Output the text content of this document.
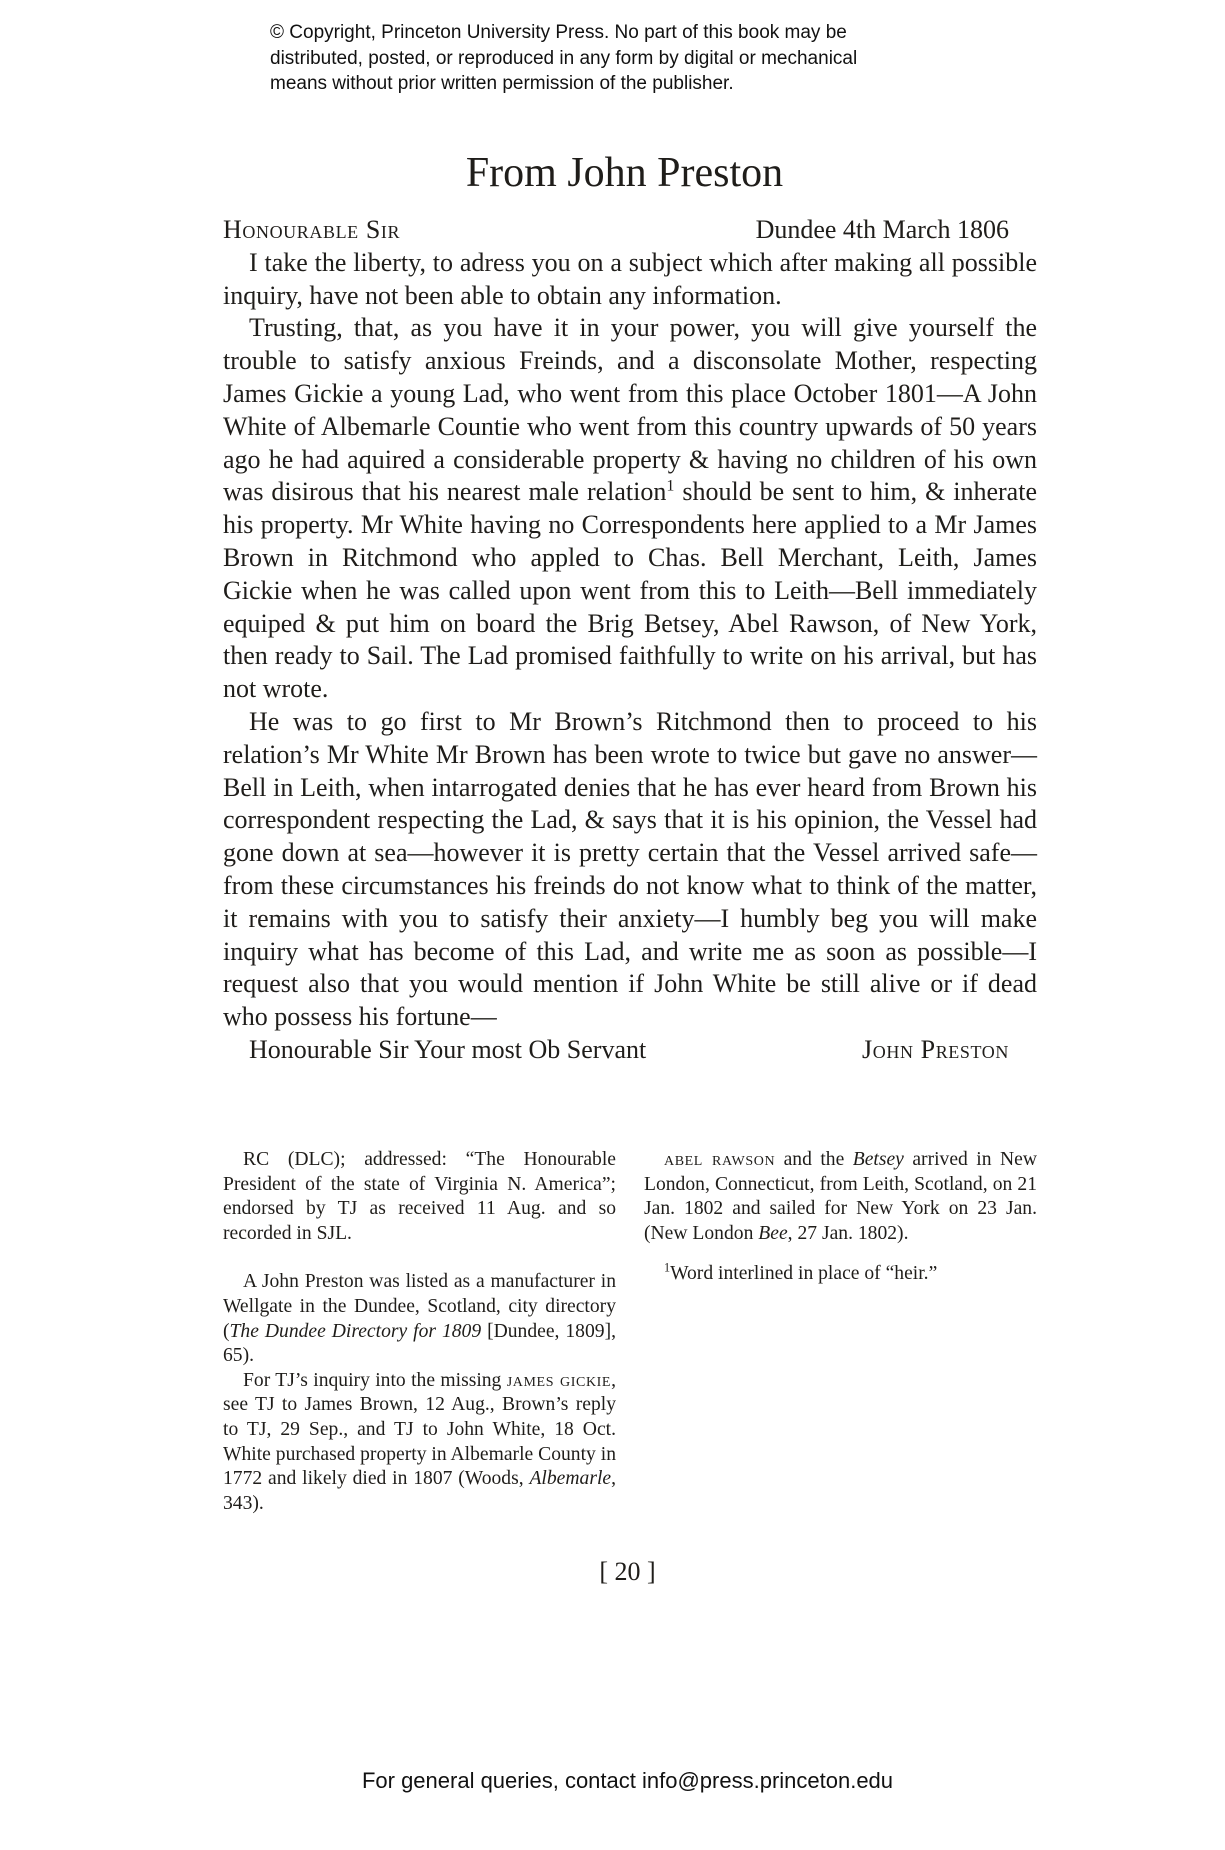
© Copyright, Princeton University Press. No part of this book may be
distributed, posted, or reproduced in any form by digital or mechanical
means without prior written permission of the publisher.
From John Preston
Honourable Sir	Dundee 4th March 1806

I take the liberty, to adress you on a subject which after making all possible inquiry, have not been able to obtain any information.

Trusting, that, as you have it in your power, you will give yourself the trouble to satisfy anxious Freinds, and a disconsolate Mother, respecting James Gickie a young Lad, who went from this place October 1801—A John White of Albemarle Countie who went from this country upwards of 50 years ago he had aquired a considerable property & having no children of his own was disirous that his nearest male relation$^1$ should be sent to him, & inherate his property. Mr White having no Correspondents here applied to a Mr James Brown in Ritchmond who appled to Chas. Bell Merchant, Leith, James Gickie when he was called upon went from this to Leith—Bell immediately equiped & put him on board the Brig Betsey, Abel Rawson, of New York, then ready to Sail. The Lad promised faithfully to write on his arrival, but has not wrote.

He was to go first to Mr Brown’s Ritchmond then to proceed to his relation’s Mr White Mr Brown has been wrote to twice but gave no answer—Bell in Leith, when intarrogated denies that he has ever heard from Brown his correspondent respecting the Lad, & says that it is his opinion, the Vessel had gone down at sea—however it is pretty certain that the Vessel arrived safe—from these circumstances his freinds do not know what to think of the matter, it remains with you to satisfy their anxiety—I humbly beg you will make inquiry what has become of this Lad, and write me as soon as possible—I request also that you would mention if John White be still alive or if dead who possess his fortune—

Honourable Sir Your most Ob Servant	John Preston

RC (DLC); addressed: “The Honourable President of the state of Virginia N. America”; endorsed by TJ as received 11 Aug. and so recorded in SJL.

A John Preston was listed as a manufacturer in Wellgate in the Dundee, Scotland, city directory (The Dundee Directory for 1809 [Dundee, 1809], 65).

For TJ’s inquiry into the missing james gickie, see TJ to James Brown, 12 Aug., Brown’s reply to TJ, 29 Sep., and TJ to John White, 18 Oct. White purchased property in Albemarle County in 1772 and likely died in 1807 (Woods, Albemarle, 343).

abel rawson and the Betsey arrived in New London, Connecticut, from Leith, Scotland, on 21 Jan. 1802 and sailed for New York on 23 Jan. (New London Bee, 27 Jan. 1802).

$^1$Word interlined in place of “heir.”

[ 20 ]
For general queries, contact info@press.princeton.edu
